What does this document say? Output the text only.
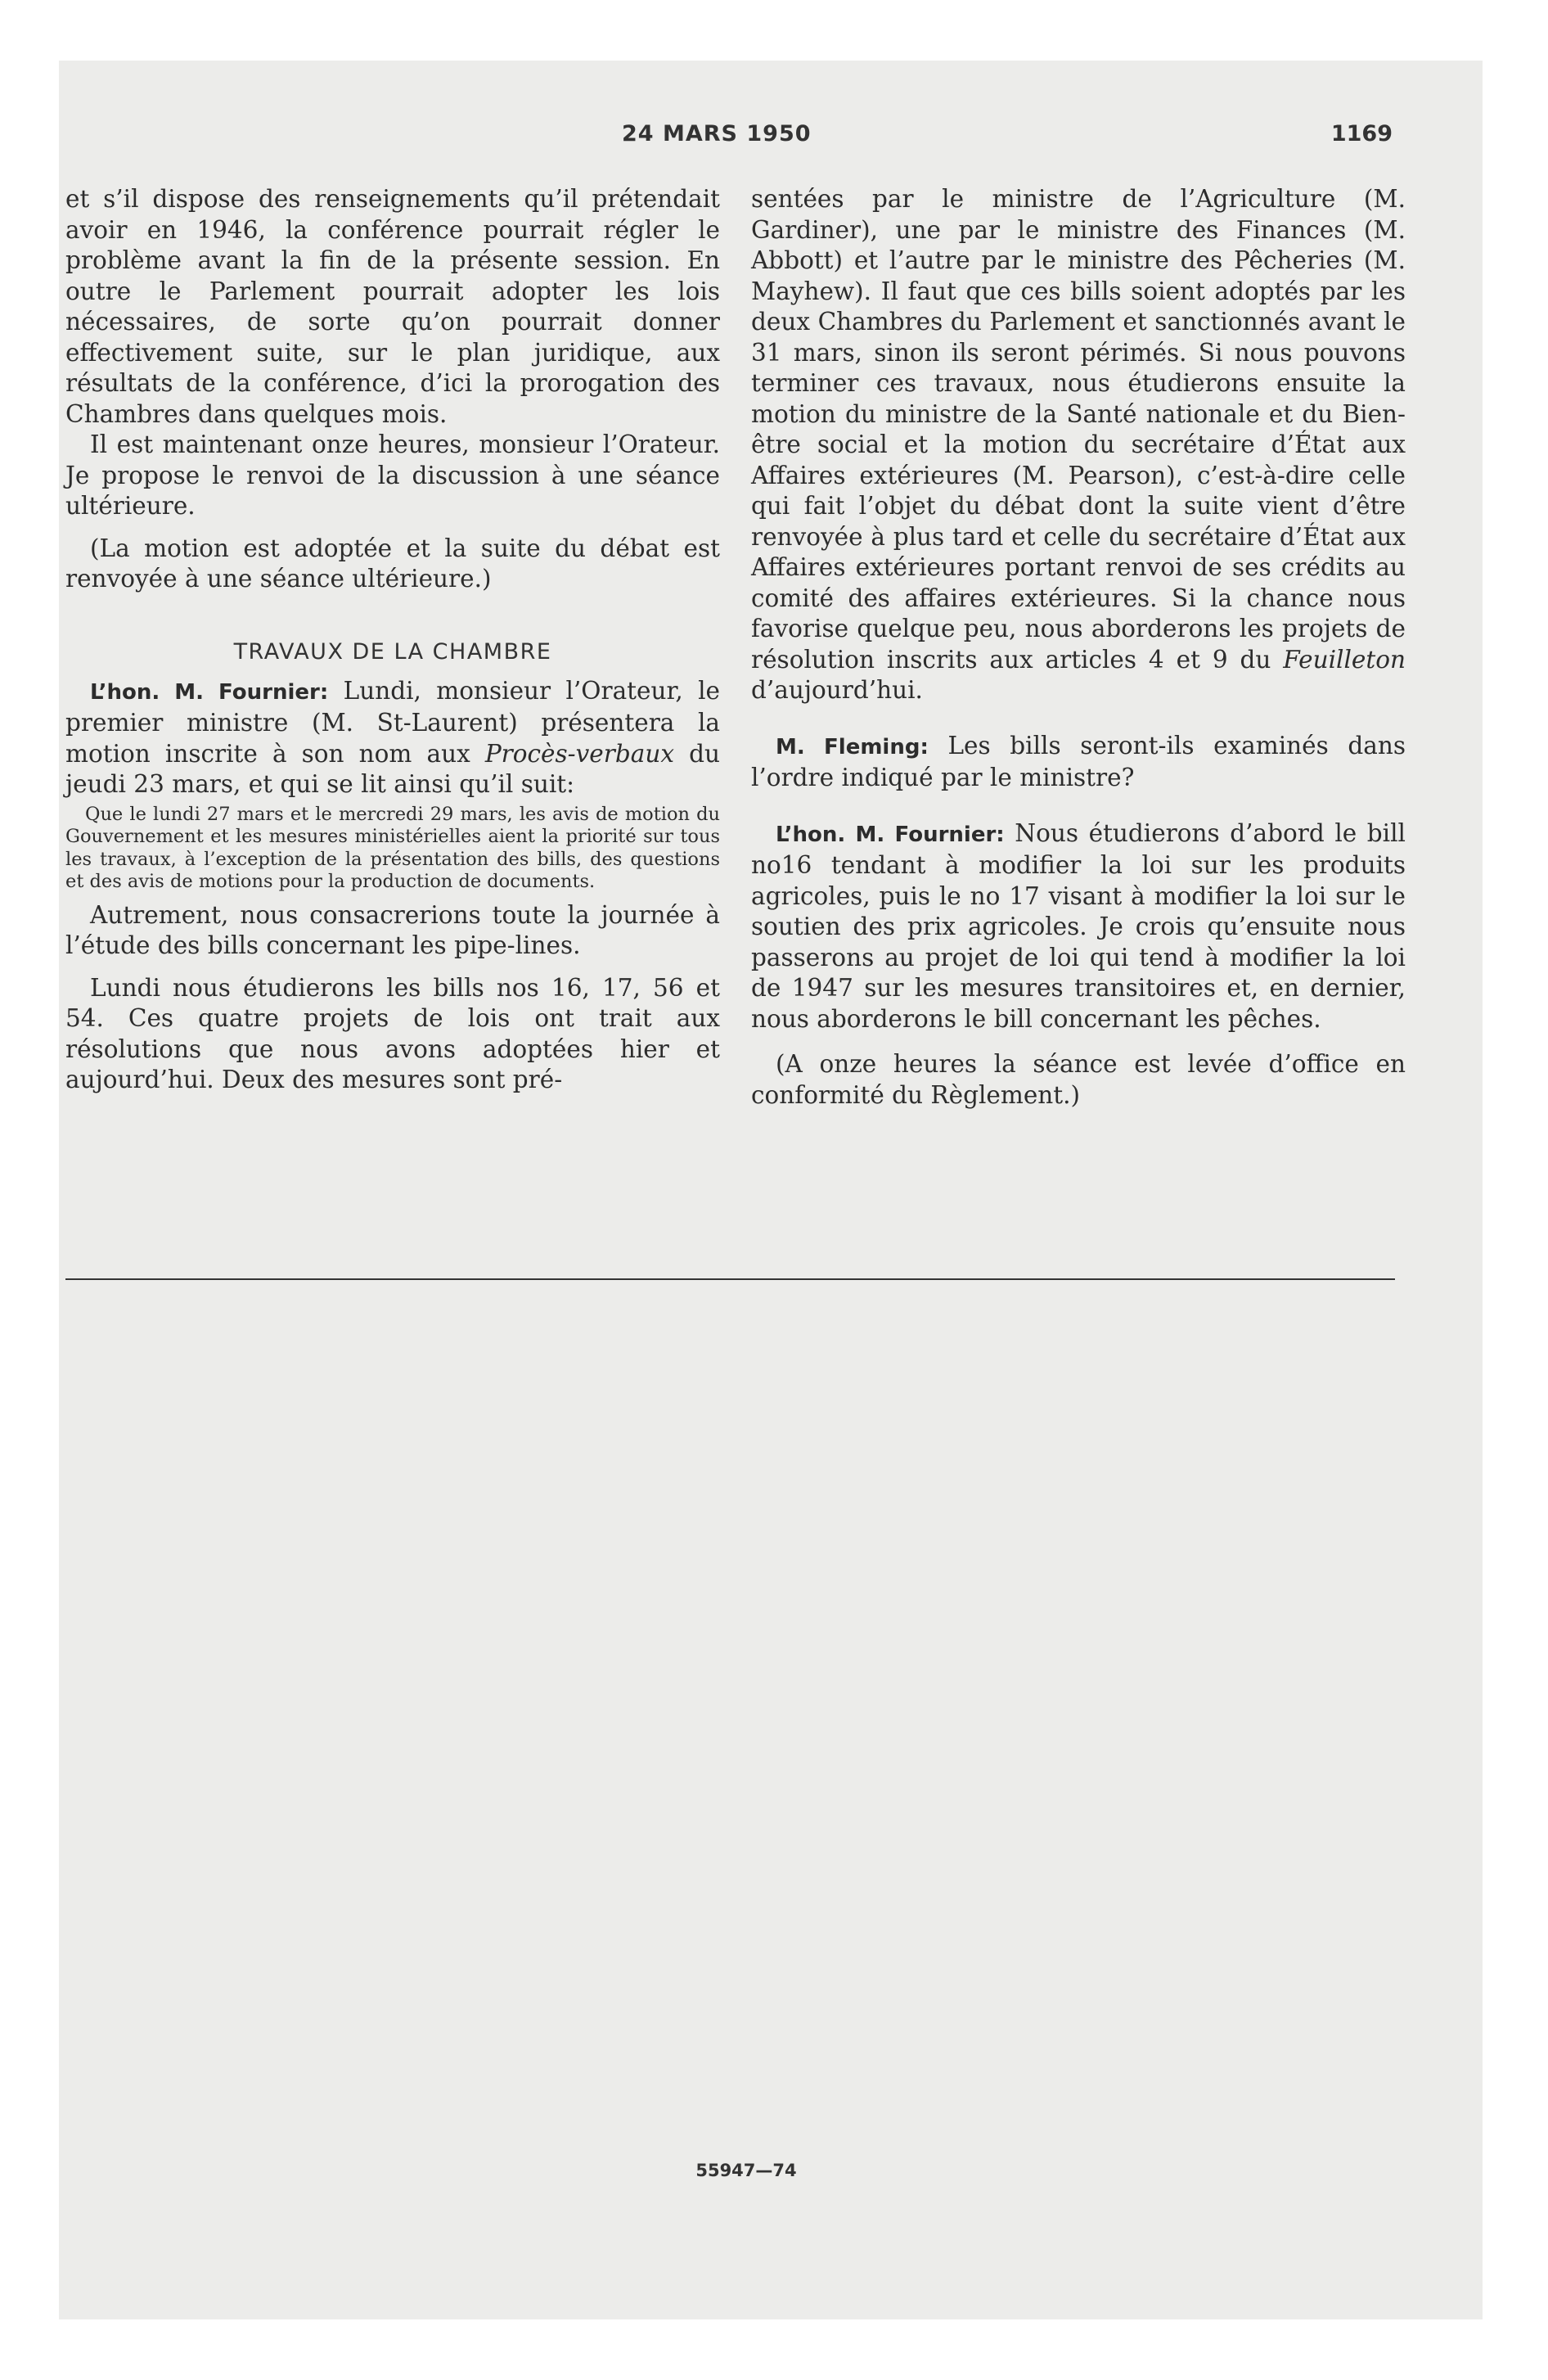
24 MARS 1950	1169

et s’il dispose des renseignements qu’il prétendait avoir en 1946, la conférence pourrait régler le problème avant la fin de la présente session. En outre le Parlement pourrait adopter les lois nécessaires, de sorte qu’on pourrait donner effectivement suite, sur le plan juridique, aux résultats de la conférence, d’ici la prorogation des Chambres dans quelques mois.

Il est maintenant onze heures, monsieur l’Orateur. Je propose le renvoi de la discussion à une séance ultérieure.

(La motion est adoptée et la suite du débat est renvoyée à une séance ultérieure.)

TRAVAUX DE LA CHAMBRE

L’hon. M. Fournier: Lundi, monsieur l’Orateur, le premier ministre (M. St-Laurent) présentera la motion inscrite à son nom aux Procès-verbaux du jeudi 23 mars, et qui se lit ainsi qu’il suit:

Que le lundi 27 mars et le mercredi 29 mars, les avis de motion du Gouvernement et les mesures ministérielles aient la priorité sur tous les travaux, à l’exception de la présentation des bills, des questions et des avis de motions pour la production de documents.

Autrement, nous consacrerions toute la journée à l’étude des bills concernant les pipe-lines.

Lundi nous étudierons les bills nos 16, 17, 56 et 54. Ces quatre projets de lois ont trait aux résolutions que nous avons adoptées hier et aujourd’hui. Deux des mesures sont pré-

sentées par le ministre de l’Agriculture (M. Gardiner), une par le ministre des Finances (M. Abbott) et l’autre par le ministre des Pêcheries (M. Mayhew). Il faut que ces bills soient adoptés par les deux Chambres du Parlement et sanctionnés avant le 31 mars, sinon ils seront périmés. Si nous pouvons terminer ces travaux, nous étudierons ensuite la motion du ministre de la Santé nationale et du Bien-être social et la motion du secrétaire d’État aux Affaires extérieures (M. Pearson), c’est-à-dire celle qui fait l’objet du débat dont la suite vient d’être renvoyée à plus tard et celle du secrétaire d’État aux Affaires extérieures portant renvoi de ses crédits au comité des affaires extérieures. Si la chance nous favorise quelque peu, nous aborderons les projets de résolution inscrits aux articles 4 et 9 du Feuilleton d’aujourd’hui.

M. Fleming: Les bills seront-ils examinés dans l’ordre indiqué par le ministre?

L’hon. M. Fournier: Nous étudierons d’abord le bill no16 tendant à modifier la loi sur les produits agricoles, puis le no 17 visant à modifier la loi sur le soutien des prix agricoles. Je crois qu’ensuite nous passerons au projet de loi qui tend à modifier la loi de 1947 sur les mesures transitoires et, en dernier, nous aborderons le bill concernant les pêches.

(A onze heures la séance est levée d’office en conformité du Règlement.)

55947—74
